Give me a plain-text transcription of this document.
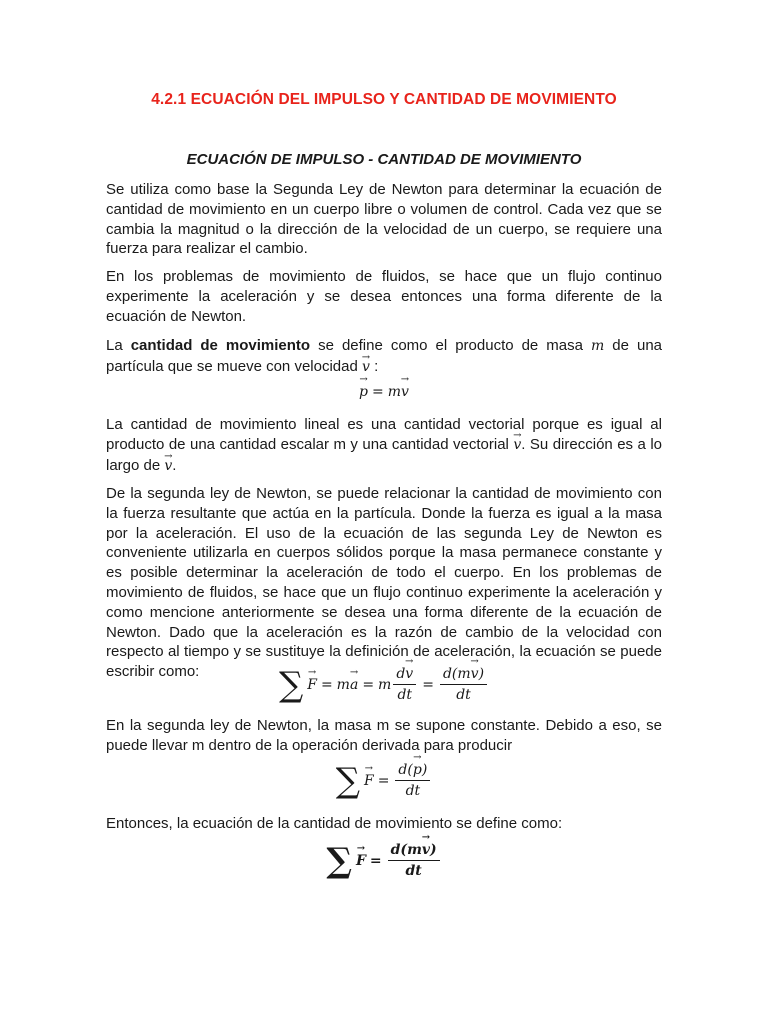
4.2.1 ECUACIÓN DEL IMPULSO Y CANTIDAD DE MOVIMIENTO
ECUACIÓN DE IMPULSO - CANTIDAD DE MOVIMIENTO
Se utiliza como base la Segunda Ley de Newton para determinar la ecuación de cantidad de movimiento en un cuerpo libre o volumen de control. Cada vez que se cambia la magnitud o la dirección de la velocidad de un cuerpo, se requiere una fuerza para realizar el cambio.
En los problemas de movimiento de fluidos, se hace que un flujo continuo experimente la aceleración y se desea entonces una forma diferente de la ecuación de Newton.
La cantidad de movimiento se define como el producto de masa m de una partícula que se mueve con velocidad → v :
→ p = m→ v
La cantidad de movimiento lineal es una cantidad vectorial porque es igual al producto de una cantidad escalar m y una cantidad vectorial → v. Su dirección es a lo largo de → v.
De la segunda ley de Newton, se puede relacionar la cantidad de movimiento con la fuerza resultante que actúa en la partícula. Donde la fuerza es igual a la masa por la aceleración. El uso de la ecuación de las segunda Ley de Newton es conveniente utilizarla en cuerpos sólidos porque la masa permanece constante y es posible determinar la aceleración de todo el cuerpo. En los problemas de movimiento de fluidos, se hace que un flujo continuo experimente la aceleración y como mencione anteriormente se desea una forma diferente de la ecuación de Newton. Dado que la aceleración es la razón de cambio de la velocidad con respecto al tiempo y se sustituye la definición de aceleración, la ecuación se puede escribir como:	∑ → F = m → a = m $\frac{d\to v}{dt} = \frac{d(m\to v)}{dt}$
En la segunda ley de Newton, la masa m se supone constante. Debido a eso, se puede llevar m dentro de la operación derivada para producir
∑ → $F = \frac{d(\to p)}{dt}$
Entonces, la ecuación de la cantidad de movimiento se define como:
∑ → $F = \frac{d(m\to v)}{dt}$
